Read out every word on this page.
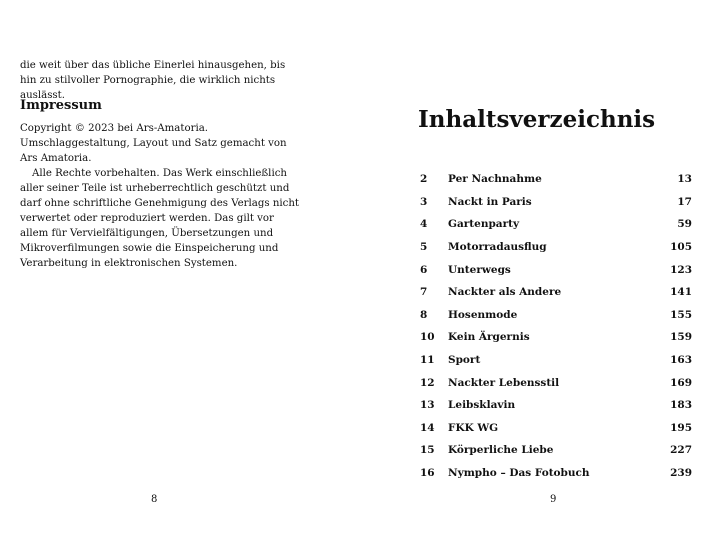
die weit über das übliche Einerlei hinausgehen, bis hin zu stilvoller Pornographie, die wirklich nichts auslässt.

Impressum

Copyright © 2023 bei Ars-Amatoria. Umschlaggestaltung, Layout und Satz gemacht von Ars Amatoria.

Alle Rechte vorbehalten. Das Werk einschließlich aller seiner Teile ist urheberrechtlich geschützt und darf ohne schriftliche Genehmigung des Verlags nicht verwertet oder reproduziert werden. Das gilt vor allem für Vervielfältigungen, Übersetzungen und Mikroverfilmungen sowie die Einspeicherung und Verarbeitung in elektronischen Systemen.

8
Inhaltsverzeichnis
2	Per Nachnahme	13
3	Nackt in Paris	17
4	Gartenparty	59
5	Motorradausflug	105
6	Unterwegs	123
7	Nackter als Andere	141
8	Hosenmode	155
10	Kein Ärgernis	159
11	Sport	163
12	Nackter Lebensstil	169
13	Leibsklavin	183
14	FKK WG	195
15	Körperliche Liebe	227
16	Nympho – Das Fotobuch	239
9
